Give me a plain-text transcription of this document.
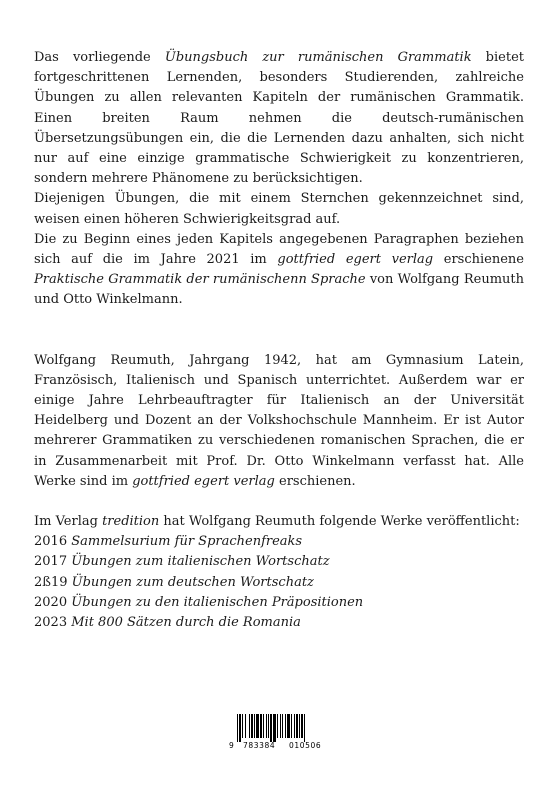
Das vorliegende Übungsbuch zur rumänischen Grammatik bietet fortgeschrittenen Lernenden, besonders Studierenden, zahlreiche Übungen zu allen relevanten Kapiteln der rumänischen Grammatik. Einen breiten Raum nehmen die deutsch-rumänischen Übersetzungsübungen ein, die die Lernenden dazu anhalten, sich nicht nur auf eine einzige grammatische Schwierigkeit zu konzentrieren, sondern mehrere Phänomene zu berücksichtigen.

Diejenigen Übungen, die mit einem Sternchen gekennzeichnet sind, weisen einen höheren Schwierigkeitsgrad auf.

Die zu Beginn eines jeden Kapitels angegebenen Paragraphen beziehen sich auf die im Jahre 2021 im gottfried egert verlag erschienene Praktische Grammatik der rumänischenn Sprache von Wolfgang Reumuth und Otto Winkelmann.

Wolfgang Reumuth, Jahrgang 1942, hat am Gymnasium Latein, Französisch, Italienisch und Spanisch unterrichtet. Außerdem war er einige Jahre Lehrbeauftragter für Italienisch an der Universität Heidelberg und Dozent an der Volkshochschule Mannheim. Er ist Autor mehrerer Grammatiken zu verschiedenen romanischen Sprachen, die er in Zusammenarbeit mit Prof. Dr. Otto Winkelmann verfasst hat. Alle Werke sind im gottfried egert verlag erschienen.

Im Verlag tredition hat Wolfgang Reumuth folgende Werke veröffentlicht:
2016 Sammelsurium für Sprachenfreaks
2017 Übungen zum italienischen Wortschatz
2ß19 Übungen zum deutschen Wortschatz
2020 Übungen zu den italienischen Präpositionen
2023 Mit 800 Sätzen durch die Romania
9 783384 010506
